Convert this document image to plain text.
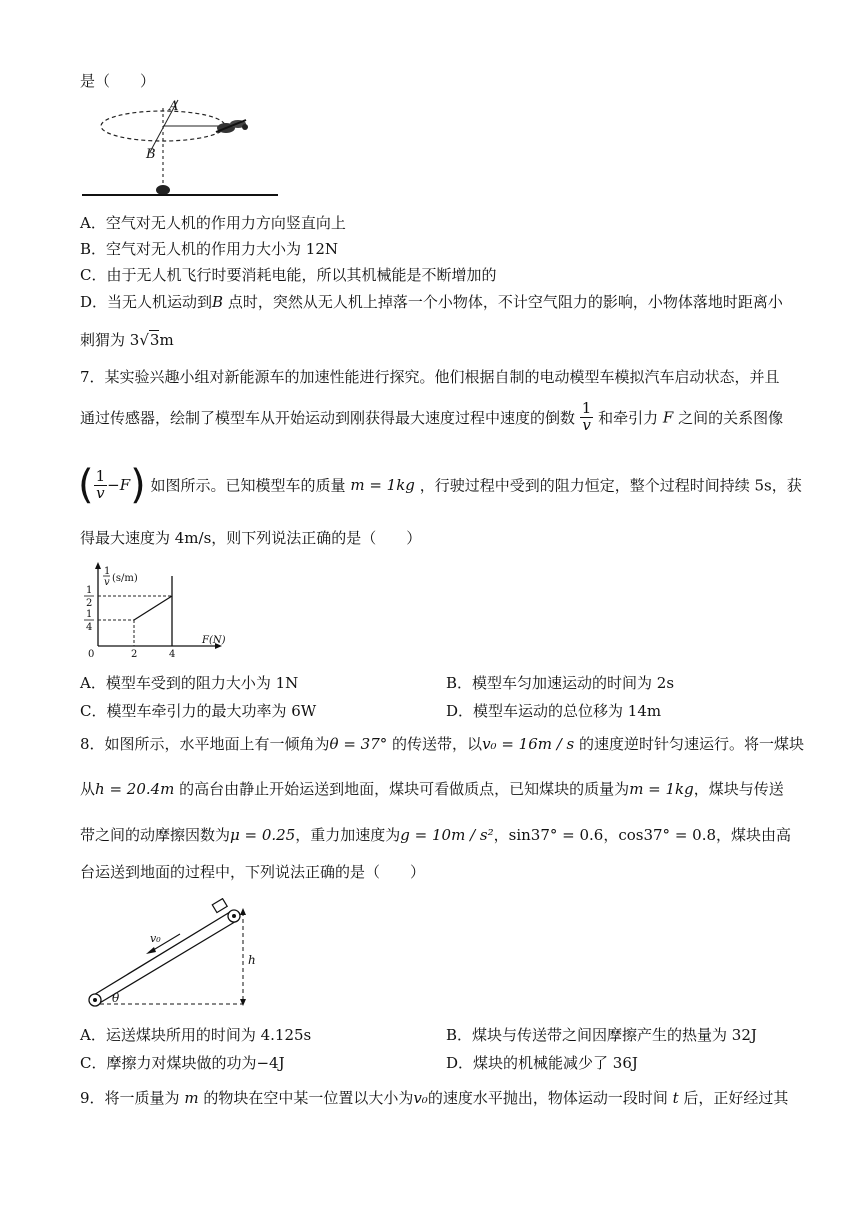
是（　　）
A
B
A．空气对无人机的作用力方向竖直向上
B．空气对无人机的作用力大小为 12N
C．由于无人机飞行时要消耗电能，所以其机械能是不断增加的
D．当无人机运动到B 点时，突然从无人机上掉落一个小物体，不计空气阻力的影响，小物体落地时距离小
刺猬为 3√3m
7．某实验兴趣小组对新能源车的加速性能进行探究。他们根据自制的电动模型车模拟汽车启动状态，并且
通过传感器，绘制了模型车从开始运动到刚获得最大速度过程中速度的倒数 $\frac{1}{v}$ 和牵引力 F 之间的关系图像
( $\frac{1}{v} -F$) 如图所示。已知模型车的质量 m = 1kg ，行驶过程中受到的阻力恒定，整个过程时间持续 5s，获
得最大速度为 4m/s，则下列说法正确的是（　　）
1
v (s/m)
F(N)
0	2	4
1
2
1
4
A．模型车受到的阻力大小为 1N	B．模型车匀加速运动的时间为 2s
C．模型车牵引力的最大功率为 6W	D．模型车运动的总位移为 14m
8．如图所示，水平地面上有一倾角为θ = 37° 的传送带，以v₀ = 16m / s 的速度逆时针匀速运行。将一煤块
从h = 20.4m 的高台由静止开始运送到地面，煤块可看做质点，已知煤块的质量为m = 1kg，煤块与传送
带之间的动摩擦因数为μ = 0.25，重力加速度为g = 10m / s²，sin37° = 0.6，cos37° = 0.8，煤块由高
台运送到地面的过程中，下列说法正确的是（　　）
v₀
h
θ
A．运送煤块所用的时间为 4.125s	B．煤块与传送带之间因摩擦产生的热量为 32J
C．摩擦力对煤块做的功为−4J	D．煤块的机械能减少了 36J
9．将一质量为 m 的物块在空中某一位置以大小为v₀的速度水平抛出，物体运动一段时间 t 后，正好经过其
